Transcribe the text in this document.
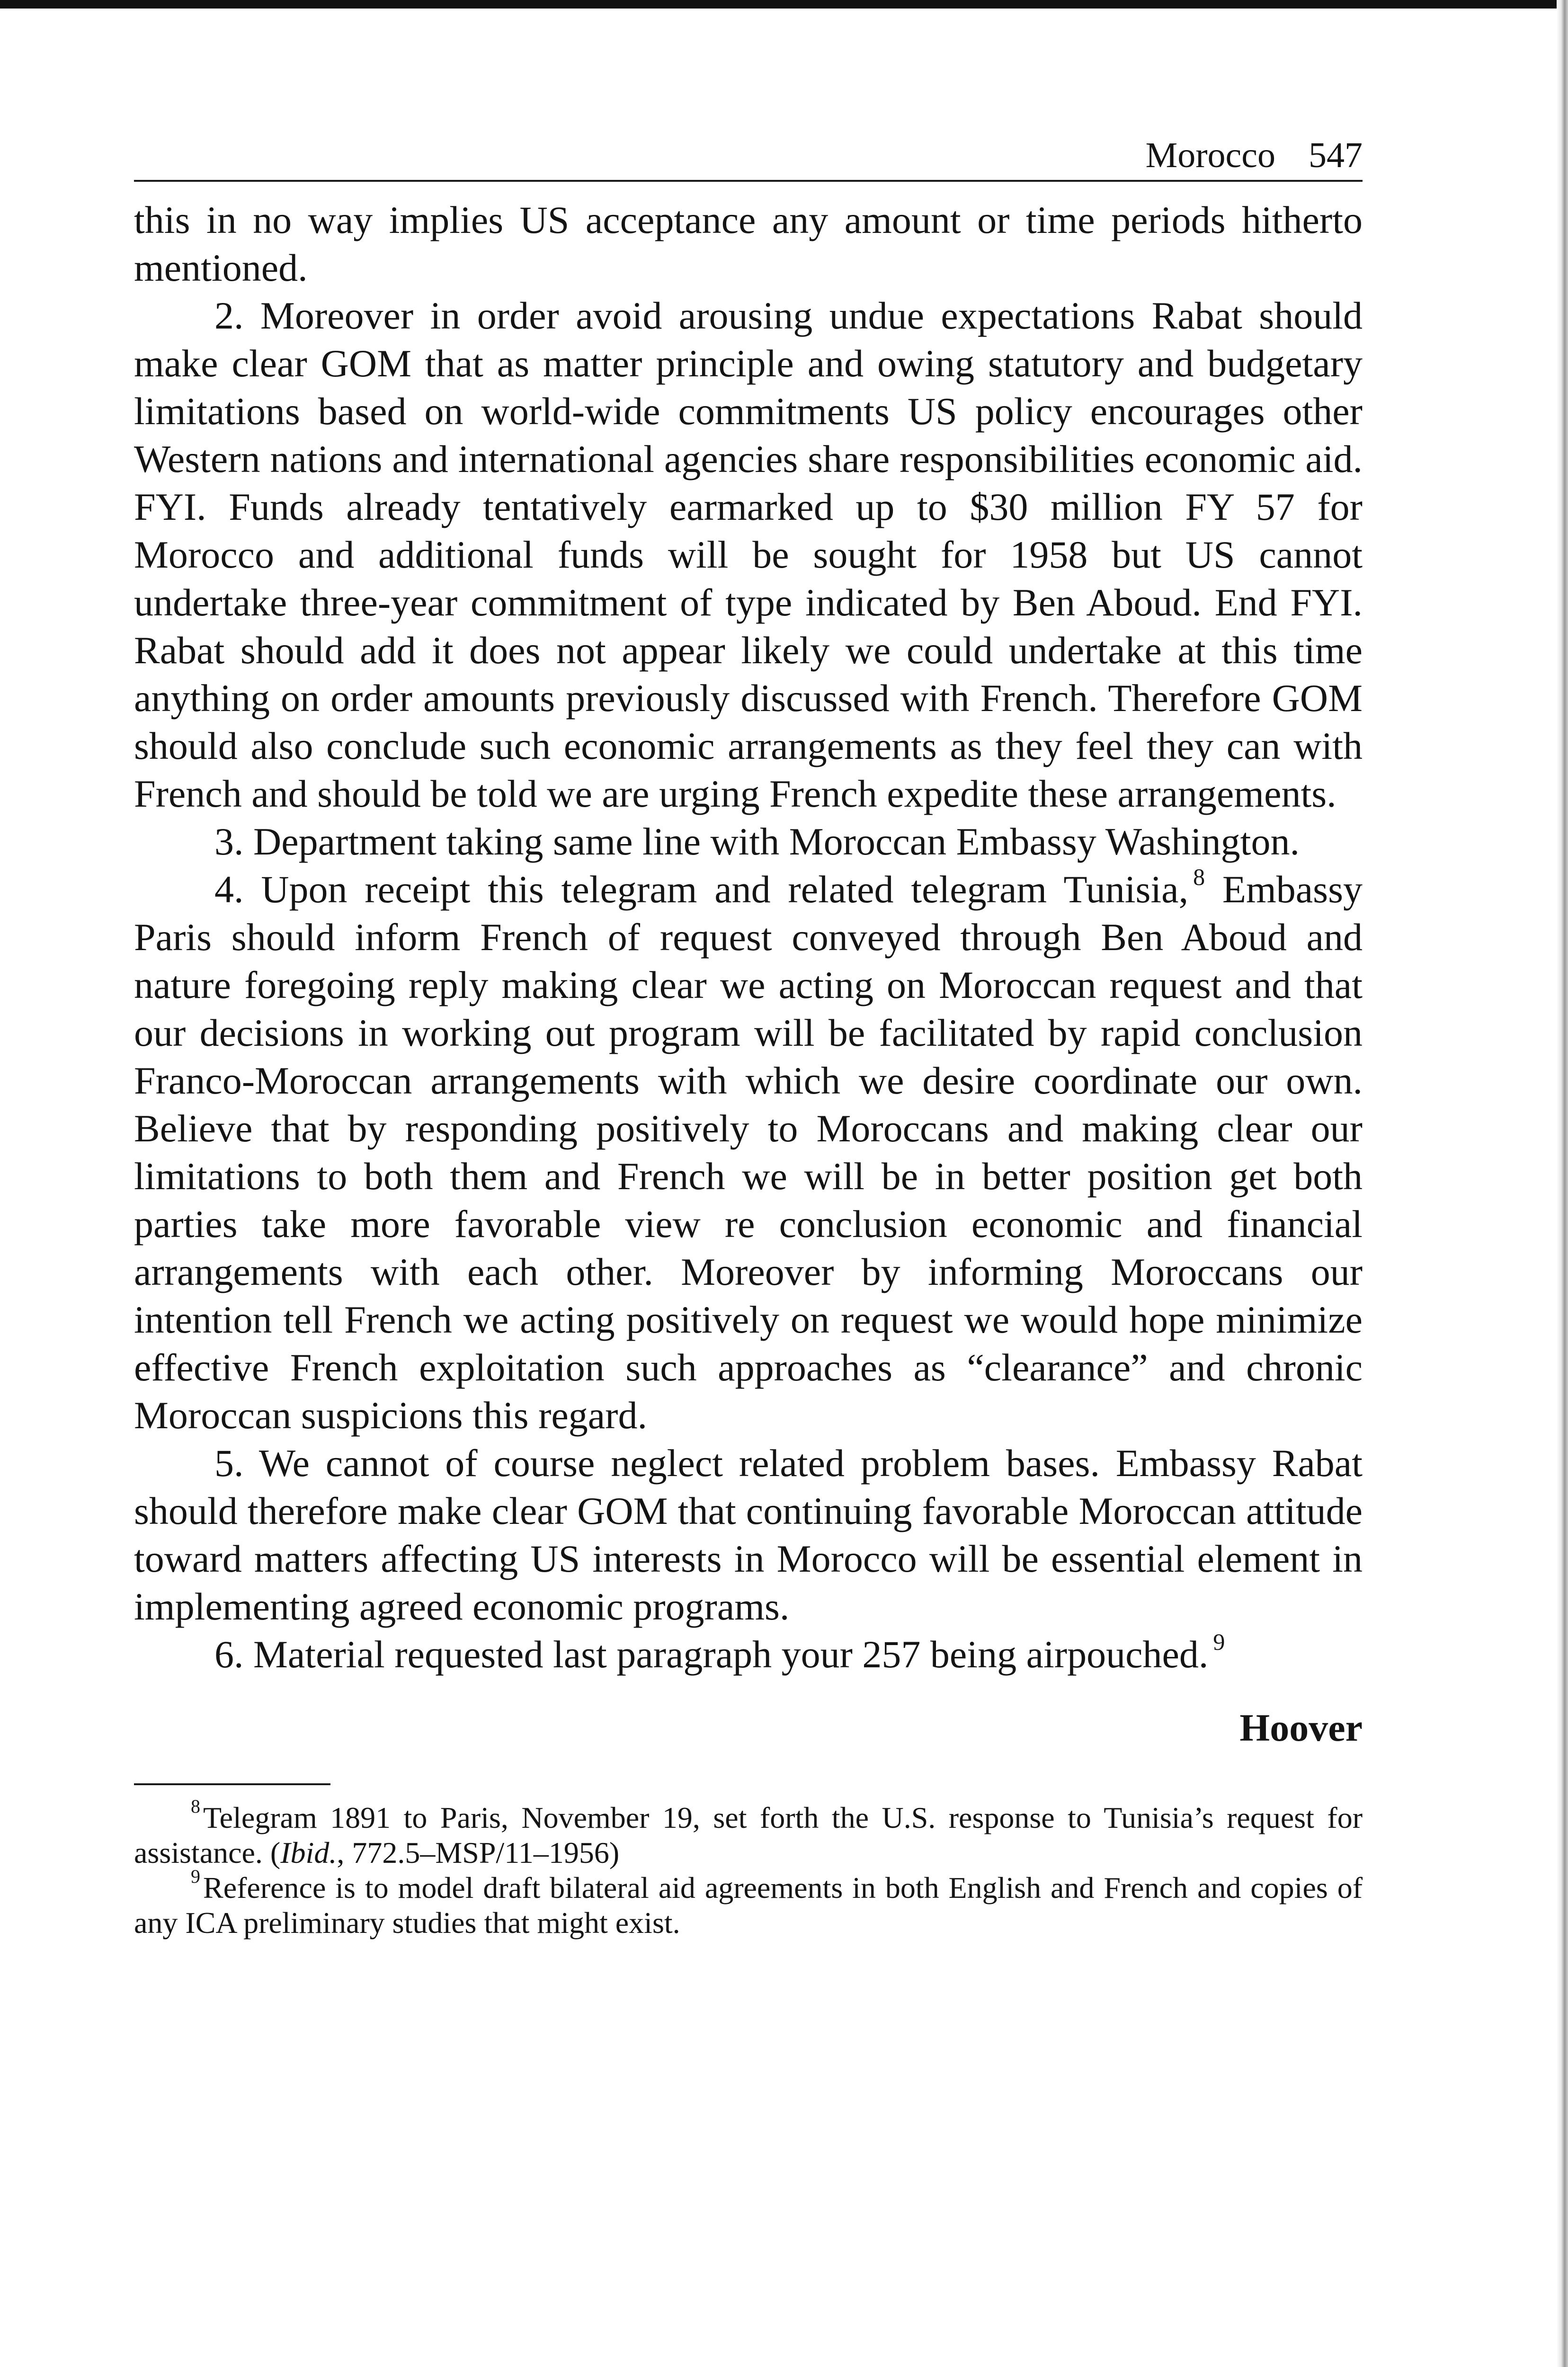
Morocco 547

this in no way implies US acceptance any amount or time periods hitherto mentioned.

2. Moreover in order avoid arousing undue expectations Rabat should make clear GOM that as matter principle and owing statutory and budgetary limitations based on world-wide commitments US policy encourages other Western nations and international agencies share responsibilities economic aid. FYI. Funds already tentatively earmarked up to $30 million FY 57 for Morocco and additional funds will be sought for 1958 but US cannot undertake three-year commitment of type indicated by Ben Aboud. End FYI. Rabat should add it does not appear likely we could undertake at this time anything on order amounts previously discussed with French. Therefore GOM should also conclude such economic arrangements as they feel they can with French and should be told we are urging French expedite these arrangements.

3. Department taking same line with Moroccan Embassy Washington.

4. Upon receipt this telegram and related telegram Tunisia, $^8$ Embassy Paris should inform French of request conveyed through Ben Aboud and nature foregoing reply making clear we acting on Moroccan request and that our decisions in working out program will be facilitated by rapid conclusion Franco-Moroccan arrangements with which we desire coordinate our own. Believe that by responding positively to Moroccans and making clear our limitations to both them and French we will be in better position get both parties take more favorable view re conclusion economic and financial arrangements with each other. Moreover by informing Moroccans our intention tell French we acting positively on request we would hope minimize effective French exploitation such approaches as “clearance” and chronic Moroccan suspicions this regard.

5. We cannot of course neglect related problem bases. Embassy Rabat should therefore make clear GOM that continuing favorable Moroccan attitude toward matters affecting US interests in Morocco will be essential element in implementing agreed economic programs.

6. Material requested last paragraph your 257 being airpouched. $^9$

Hoover

$^8$Telegram 1891 to Paris, November 19, set forth the U.S. response to Tunisia’s request for assistance. (Ibid., 772.5–MSP/11–1956)

$^9$Reference is to model draft bilateral aid agreements in both English and French and copies of any ICA preliminary studies that might exist.
